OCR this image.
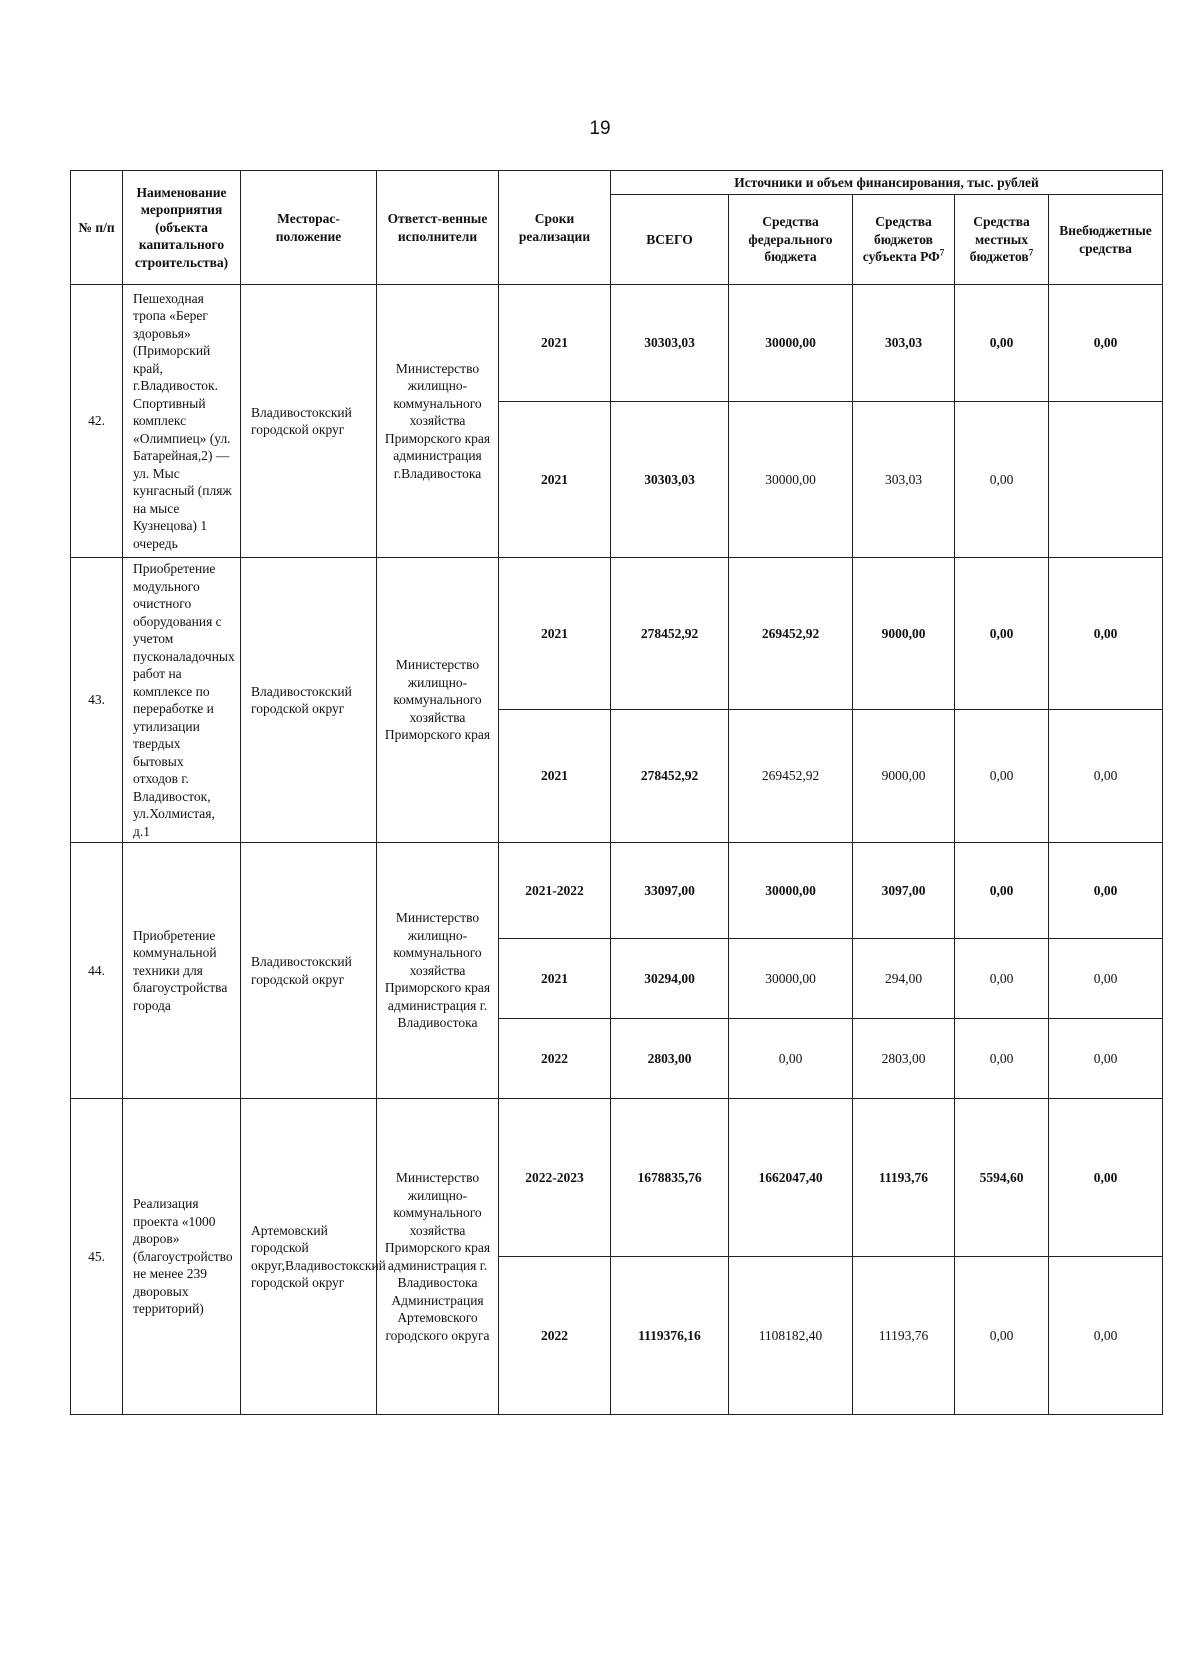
19
№ п/п	Наименование мероприятия (объекта капитального строительства)	Месторас-положение	Ответст-венные исполнители	Сроки реализации	Источники и объем финансирования, тыс. рублей				
					ВСЕГО	Средства федерального бюджета	Средства бюджетов субъекта $РФ^7$	Средства местных бюджетов$^7$	Внебюджетные средства
42.	Пешеходная тропа «Берег здоровья» (Приморский край, г.Владивосток. Спортивный комплекс «Олимпиец» (ул. Батарейная,2) — ул. Мыс кунгасный (пляж на мысе Кузнецова) 1 очередь	Владивостокский городской округ	Министерство жилищно-коммунального хозяйства Приморского края администрация г.Владивостока	2021	30303,03	30000,00	303,03	0,00	0,00
				2021	30303,03	30000,00	303,03	0,00	
43.	Приобретение модульного очистного оборудования с учетом пусконаладочных работ на комплексе по переработке и утилизации твердых бытовых отходов г. Владивосток, ул.Холмистая, д.1	Владивостокский городской округ	Министерство жилищно-коммунального хозяйства Приморского края	2021	278452,92	269452,92	9000,00	0,00	0,00
				2021	278452,92	269452,92	9000,00	0,00	0,00
44.	Приобретение коммунальной техники для благоустройства города	Владивостокский городской округ	Министерство жилищно-коммунального хозяйства Приморского края администрация г. Владивостока	2021-2022	33097,00	30000,00	3097,00	0,00	0,00
				2021	30294,00	30000,00	294,00	0,00	0,00
				2022	2803,00	0,00	2803,00	0,00	0,00
45.	Реализация проекта «1000 дворов» (благоустройство не менее 239 дворовых территорий)	Артемовский городской округ,Владивостокский городской округ	Министерство жилищно-коммунального хозяйства Приморского края администрация г. Владивостока Администрация Артемовского городского округа	2022-2023	1678835,76	1662047,40	11193,76	5594,60	0,00
				2022	1119376,16	1108182,40	11193,76	0,00	0,00
